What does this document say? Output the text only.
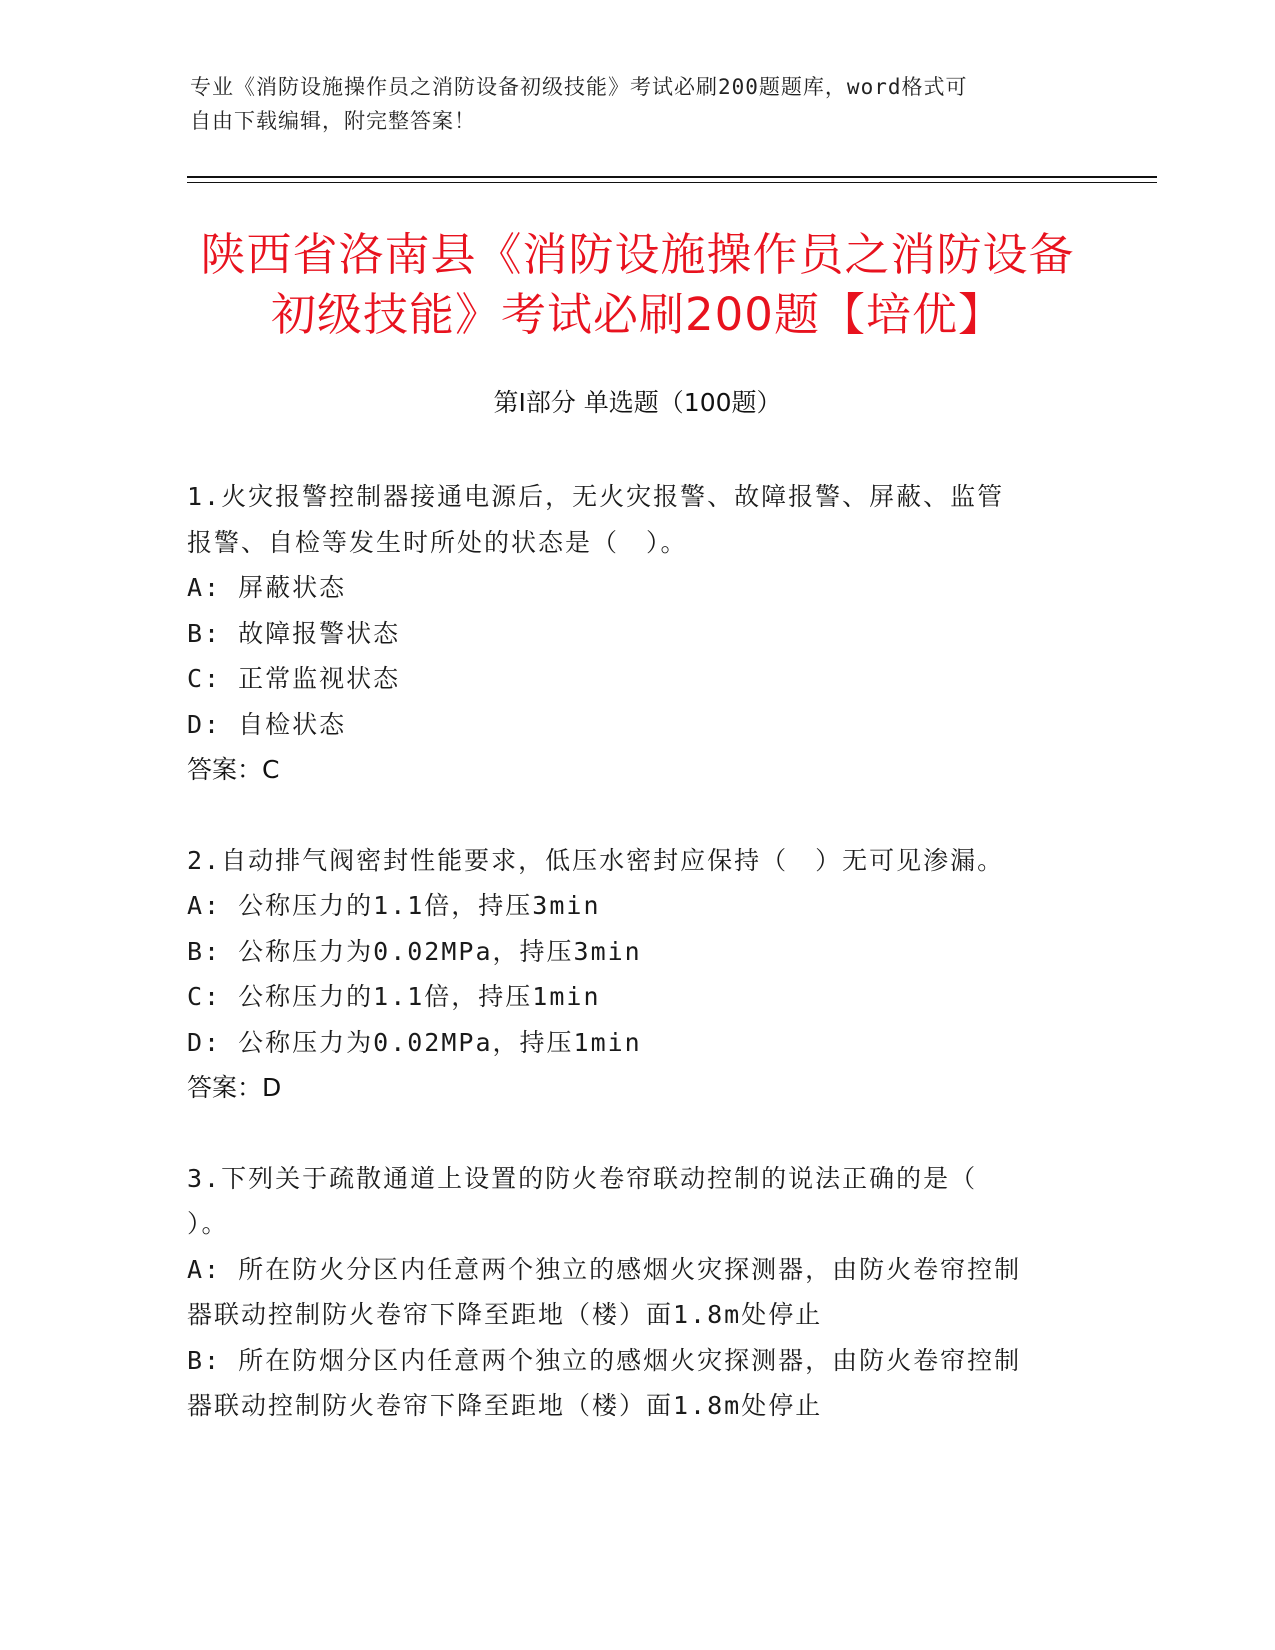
专业《消防设施操作员之消防设备初级技能》考试必刷200题题库，word格式可
自由下载编辑，附完整答案！
陕西省洛南县《消防设施操作员之消防设备
初级技能》考试必刷200题【培优】
第Ⅰ部分 单选题（100题）
1.火灾报警控制器接通电源后，无火灾报警、故障报警、屏蔽、监管
报警、自检等发生时所处的状态是（　）。
A: 屏蔽状态
B: 故障报警状态
C: 正常监视状态
D: 自检状态
答案：C
2.自动排气阀密封性能要求，低压水密封应保持（　）无可见渗漏。
A: 公称压力的1.1倍，持压3min
B: 公称压力为0.02MPa，持压3min
C: 公称压力的1.1倍，持压1min
D: 公称压力为0.02MPa，持压1min
答案：D
3.下列关于疏散通道上设置的防火卷帘联动控制的说法正确的是（
）。
A: 所在防火分区内任意两个独立的感烟火灾探测器，由防火卷帘控制
器联动控制防火卷帘下降至距地（楼）面1.8m处停止
B: 所在防烟分区内任意两个独立的感烟火灾探测器，由防火卷帘控制
器联动控制防火卷帘下降至距地（楼）面1.8m处停止
